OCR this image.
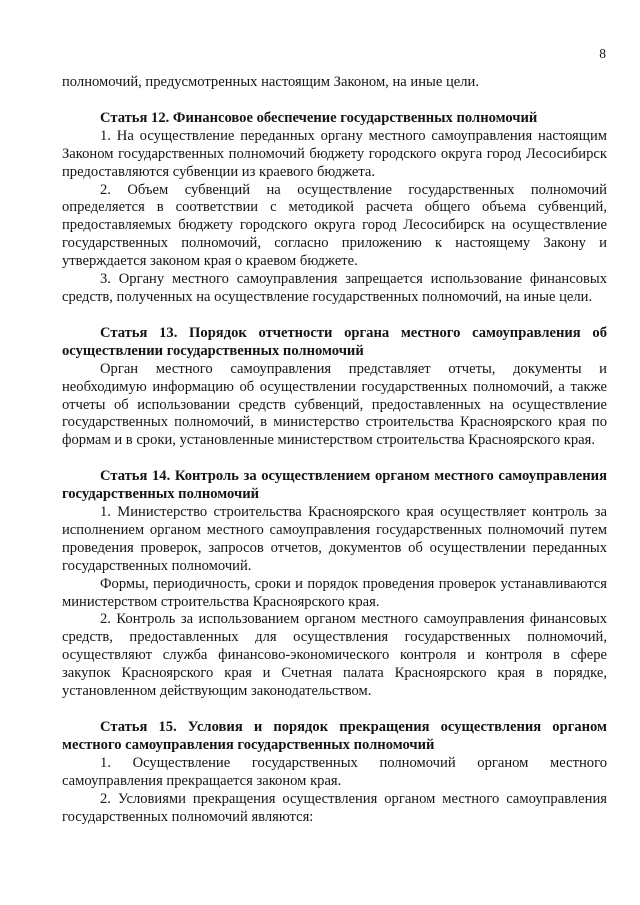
8

полномочий, предусмотренных настоящим Законом, на иные цели.

Статья 12. Финансовое обеспечение государственных полномочий

1. На осуществление переданных органу местного самоуправления настоящим Законом государственных полномочий бюджету городского округа город Лесосибирск предоставляются субвенции из краевого бюджета.

2. Объем субвенций на осуществление государственных полномочий определяется в соответствии с методикой расчета общего объема субвенций, предоставляемых бюджету городского округа город Лесосибирск на осуществление государственных полномочий, согласно приложению к настоящему Закону и утверждается законом края о краевом бюджете.

3. Органу местного самоуправления запрещается использование финансовых средств, полученных на осуществление государственных полномочий, на иные цели.

Статья 13. Порядок отчетности органа местного самоуправления об осуществлении государственных полномочий

Орган местного самоуправления представляет отчеты, документы и необходимую информацию об осуществлении государственных полномочий, а также отчеты об использовании средств субвенций, предоставленных на осуществление государственных полномочий, в министерство строительства Красноярского края по формам и в сроки, установленные министерством строительства Красноярского края.

Статья 14. Контроль за осуществлением органом местного самоуправления государственных полномочий

1. Министерство строительства Красноярского края осуществляет контроль за исполнением органом местного самоуправления государственных полномочий путем проведения проверок, запросов отчетов, документов об осуществлении переданных государственных полномочий.

Формы, периодичность, сроки и порядок проведения проверок устанавливаются министерством строительства Красноярского края.

2. Контроль за использованием органом местного самоуправления финансовых средств, предоставленных для осуществления государственных полномочий, осуществляют служба финансово-экономического контроля и контроля в сфере закупок Красноярского края и Счетная палата Красноярского края в порядке, установленном действующим законодательством.

Статья 15. Условия и порядок прекращения осуществления органом местного самоуправления государственных полномочий

1. Осуществление государственных полномочий органом местного самоуправления прекращается законом края.

2. Условиями прекращения осуществления органом местного самоуправления государственных полномочий являются:
